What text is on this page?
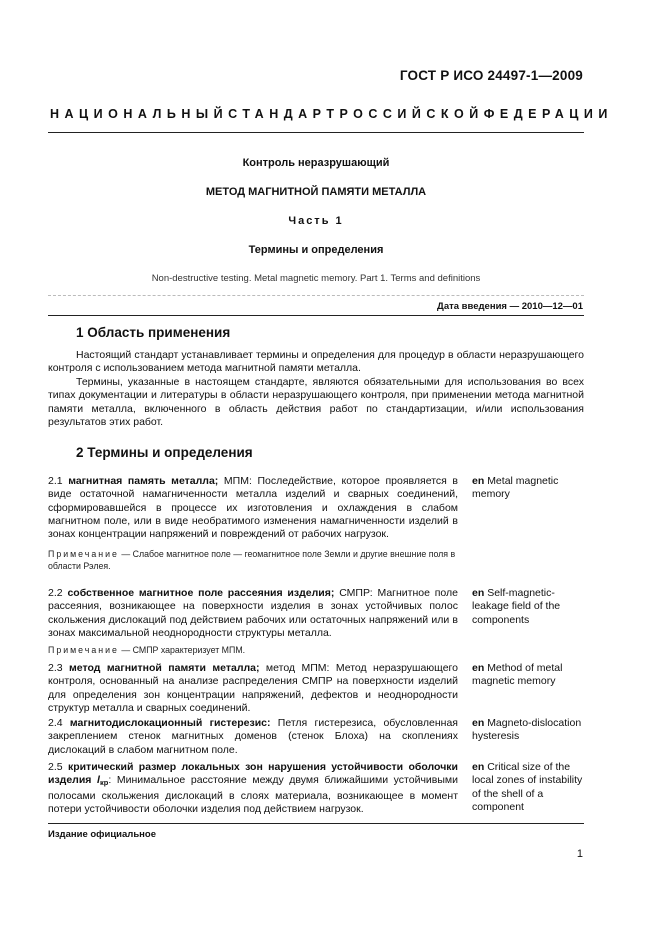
ГОСТ Р ИСО 24497-1—2009
НАЦИОНАЛЬНЫЙ СТАНДАРТ РОССИЙСКОЙ ФЕДЕРАЦИИ
Контроль неразрушающий
МЕТОД МАГНИТНОЙ ПАМЯТИ МЕТАЛЛА
Часть 1
Термины и определения
Non-destructive testing. Metal magnetic memory. Part 1. Terms and definitions
Дата введения — 2010—12—01
1 Область применения

Настоящий стандарт устанавливает термины и определения для процедур в области неразрушающего контроля с использованием метода магнитной памяти металла.

Термины, указанные в настоящем стандарте, являются обязательными для использования во всех типах документации и литературы в области неразрушающего контроля, при применении метода магнитной памяти металла, включенного в область действия работ по стандартизации, и/или использования результатов этих работ.

2 Термины и определения
2.1 магнитная память металла; МПМ: Последействие, которое проявляется в виде остаточной намагниченности металла изделий и сварных соединений, сформировавшейся в процессе их изготовления и охлаждения в слабом магнитном поле, или в виде необратимого изменения намагниченности изделий в зонах концентрации напряжений и повреждений от рабочих нагрузок.
en Metal magnetic memory
Примечание — Слабое магнитное поле — геомагнитное поле Земли и другие внешние поля в области Рэлея.
2.2 собственное магнитное поле рассеяния изделия; СМПР: Магнитное поле рассеяния, возникающее на поверхности изделия в зонах устойчивых полос скольжения дислокаций под действием рабочих или остаточных напряжений или в зонах максимальной неоднородности структуры металла.
en Self-magnetic-leakage field of the components
Примечание — СМПР характеризует МПМ.
2.3 метод магнитной памяти металла; метод МПМ: Метод неразрушающего контроля, основанный на анализе распределения СМПР на поверхности изделий для определения зон концентрации напряжений, дефектов и неоднородности структур металла и сварных соединений.
en Method of metal magnetic memory
2.4 магнитодислокационный гистерезис: Петля гистерезиса, обусловленная закреплением стенок магнитных доменов (стенок Блоха) на скоплениях дислокаций в слабом магнитном поле.
en Magneto-dislocation hysteresis
2.5 критический размер локальных зон нарушения устойчивости оболочки изделия $l_{кр}$: Минимальное расстояние между двумя ближайшими устойчивыми полосами скольжения дислокаций в слоях материала, возникающее в момент потери устойчивости оболочки изделия под действием нагрузок.
en Critical size of the local zones of instability of the shell of a component
Издание официальное
1
